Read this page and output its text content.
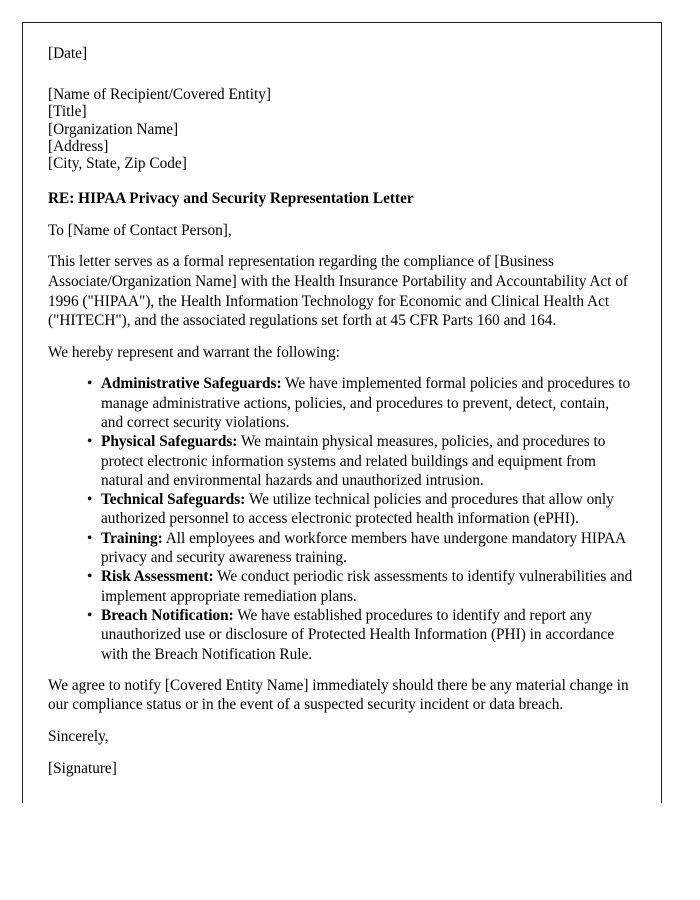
[Date]
[Name of Recipient/Covered Entity]
[Title]
[Organization Name]
[Address]
[City, State, Zip Code]
RE: HIPAA Privacy and Security Representation Letter
To [Name of Contact Person],
This letter serves as a formal representation regarding the compliance of [Business Associate/Organization Name] with the Health Insurance Portability and Accountability Act of 1996 ("HIPAA"), the Health Information Technology for Economic and Clinical Health Act ("HITECH"), and the associated regulations set forth at 45 CFR Parts 160 and 164.
We hereby represent and warrant the following:
• Administrative Safeguards: We have implemented formal policies and procedures to manage administrative actions, policies, and procedures to prevent, detect, contain, and correct security violations.
• Physical Safeguards: We maintain physical measures, policies, and procedures to protect electronic information systems and related buildings and equipment from natural and environmental hazards and unauthorized intrusion.
• Technical Safeguards: We utilize technical policies and procedures that allow only authorized personnel to access electronic protected health information (ePHI).
• Training: All employees and workforce members have undergone mandatory HIPAA privacy and security awareness training.
• Risk Assessment: We conduct periodic risk assessments to identify vulnerabilities and implement appropriate remediation plans.
• Breach Notification: We have established procedures to identify and report any unauthorized use or disclosure of Protected Health Information (PHI) in accordance with the Breach Notification Rule.
We agree to notify [Covered Entity Name] immediately should there be any material change in our compliance status or in the event of a suspected security incident or data breach.
Sincerely,
[Signature]
